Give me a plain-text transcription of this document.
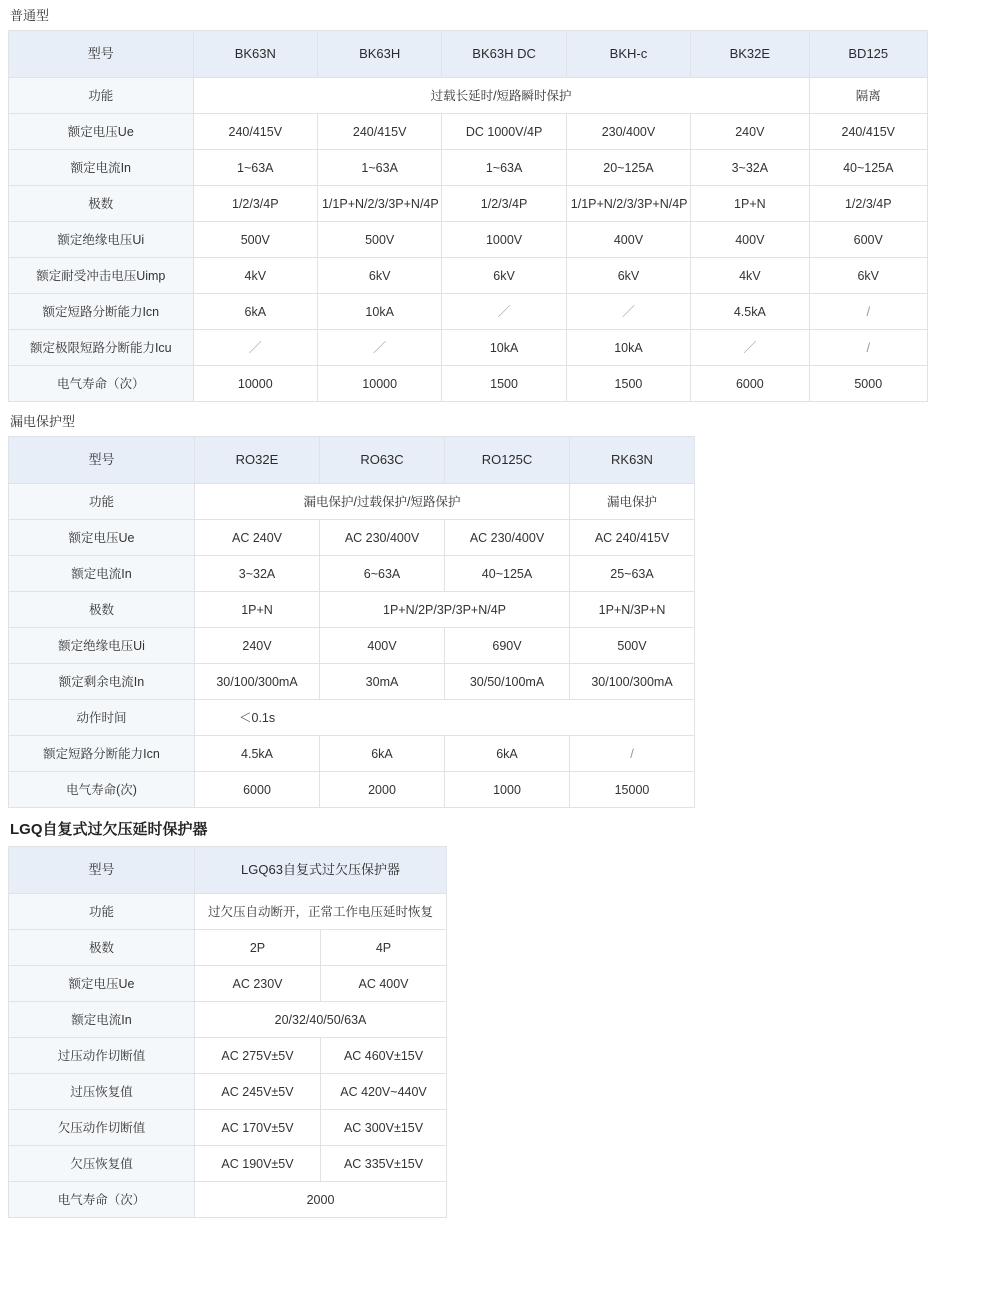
普通型
型号	BK63N	BK63H	BK63H DC	BKH-c	BK32E	BD125
功能	过载长延时/短路瞬时保护					隔离
额定电压Ue	240/415V	240/415V	DC 1000V/4P	230/400V	240V	240/415V
额定电流In	1~63A	1~63A	1~63A	20~125A	3~32A	40~125A
极数	1/2/3/4P	1/1P+N/2/3/3P+N/4P	1/2/3/4P	1/1P+N/2/3/3P+N/4P	1P+N	1/2/3/4P
额定绝缘电压Ui	500V	500V	1000V	400V	400V	600V
额定耐受冲击电压Uimp	4kV	6kV	6kV	6kV	4kV	6kV
额定短路分断能力Icn	6kA	10kA	／	／	4.5kA	/
额定极限短路分断能力Icu	／	／	10kA	10kA	／	/
电气寿命（次）	10000	10000	1500	1500	6000	5000
漏电保护型
型号	RO32E	RO63C	RO125C	RK63N
功能	漏电保护/过载保护/短路保护			漏电保护
额定电压Ue	AC 240V	AC 230/400V	AC 230/400V	AC 240/415V
额定电流In	3~32A	6~63A	40~125A	25~63A
极数	1P+N	1P+N/2P/3P/3P+N/4P		1P+N/3P+N
额定绝缘电压Ui	240V	400V	690V	500V
额定剩余电流In	30/100/300mA	30mA	30/50/100mA	30/100/300mA
动作时间	＜0.1s			
额定短路分断能力Icn	4.5kA	6kA	6kA	/
电气寿命(次)	6000	2000	1000	15000
LGQ自复式过欠压延时保护器
型号	LGQ63自复式过欠压保护器	
功能	过欠压自动断开，正常工作电压延时恢复	
极数	2P	4P
额定电压Ue	AC 230V	AC 400V
额定电流In	20/32/40/50/63A	
过压动作切断值	AC 275V±5V	AC 460V±15V
过压恢复值	AC 245V±5V	AC 420V~440V
欠压动作切断值	AC 170V±5V	AC 300V±15V
欠压恢复值	AC 190V±5V	AC 335V±15V
电气寿命（次）	2000	
